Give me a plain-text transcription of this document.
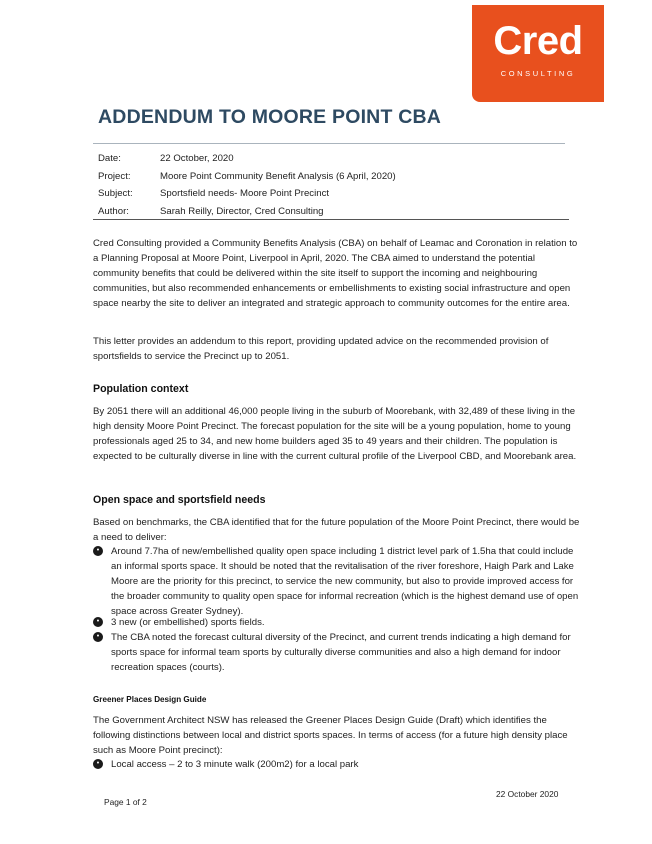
Cred
CONSULTING
ADDENDUM TO MOORE POINT CBA
Date:	22 October, 2020
Project:	Moore Point Community Benefit Analysis (6 April, 2020)
Subject:	Sportsfield needs- Moore Point Precinct
Author:	Sarah Reilly, Director, Cred Consulting

Cred Consulting provided a Community Benefits Analysis (CBA) on behalf of Leamac and Coronation in relation to a Planning Proposal at Moore Point, Liverpool in April, 2020. The CBA aimed to understand the potential community benefits that could be delivered within the site itself to support the incoming and neighbouring communities, but also recommended enhancements or embellishments to existing social infrastructure and open space nearby the site to deliver an integrated and strategic approach to community outcomes for the entire area.

This letter provides an addendum to this report, providing updated advice on the recommended provision of sportsfields to service the Precinct up to 2051.

Population context

By 2051 there will an additional 46,000 people living in the suburb of Moorebank, with 32,489 of these living in the high density Moore Point Precinct. The forecast population for the site will be a young population, home to young professionals aged 25 to 34, and new home builders aged 35 to 49 years and their children. The population is expected to be culturally diverse in line with the current cultural profile of the Liverpool CBD, and Moorebank area.

Open space and sportsfield needs

Based on benchmarks, the CBA identified that for the future population of the Moore Point Precinct, there would be a need to deliver:

•	Around 7.7ha of new/embellished quality open space including 1 district level park of 1.5ha that could include an informal sports space. It should be noted that the revitalisation of the river foreshore, Haigh Park and Lake Moore are the priority for this precinct, to service the new community, but also to provide improved access for the broader community to quality open space for informal recreation (which is the highest demand use of open space across Greater Sydney).
•	3 new (or embellished) sports fields.
•	The CBA noted the forecast cultural diversity of the Precinct, and current trends indicating a high demand for sports space for informal team sports by culturally diverse communities and also a high demand for indoor recreation spaces (courts).
Greener Places Design Guide

The Government Architect NSW has released the Greener Places Design Guide (Draft) which identifies the following distinctions between local and district sports spaces. In terms of access (for a future high density place such as Moore Point precinct):

•	Local access – 2 to 3 minute walk (200m2) for a local park
22 October 2020
Page 1 of 2
